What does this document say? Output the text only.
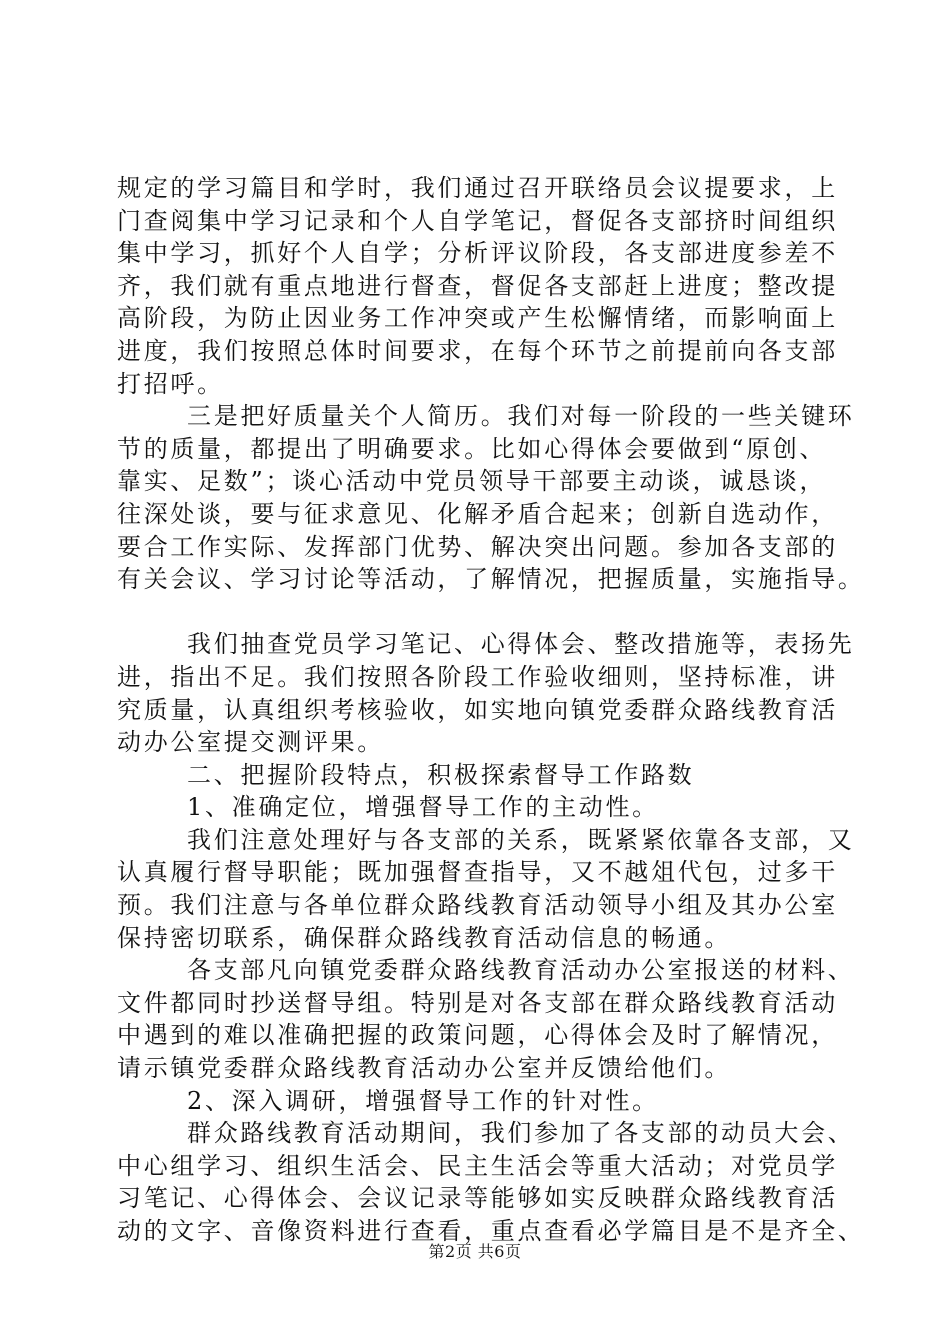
规定的学习篇目和学时，我们通过召开联络员会议提要求，上
门查阅集中学习记录和个人自学笔记，督促各支部挤时间组织
集中学习，抓好个人自学；分析评议阶段，各支部进度参差不
齐，我们就有重点地进行督查，督促各支部赶上进度；整改提
高阶段，为防止因业务工作冲突或产生松懈情绪，而影响面上
进度，我们按照总体时间要求，在每个环节之前提前向各支部
打招呼。
三是把好质量关个人简历。我们对每一阶段的一些关键环
节的质量，都提出了明确要求。比如心得体会要做到“原创、
靠实、足数”；谈心活动中党员领导干部要主动谈，诚恳谈，
往深处谈，要与征求意见、化解矛盾合起来；创新自选动作，
要合工作实际、发挥部门优势、解决突出问题。参加各支部的
有关会议、学习讨论等活动，了解情况，把握质量，实施指导。
我们抽查党员学习笔记、心得体会、整改措施等，表扬先
进，指出不足。我们按照各阶段工作验收细则，坚持标准，讲
究质量，认真组织考核验收，如实地向镇党委群众路线教育活
动办公室提交测评果。
二、把握阶段特点，积极探索督导工作路数
1、准确定位，增强督导工作的主动性。
我们注意处理好与各支部的关系，既紧紧依靠各支部，又
认真履行督导职能；既加强督查指导，又不越俎代包，过多干
预。我们注意与各单位群众路线教育活动领导小组及其办公室
保持密切联系，确保群众路线教育活动信息的畅通。
各支部凡向镇党委群众路线教育活动办公室报送的材料、
文件都同时抄送督导组。特别是对各支部在群众路线教育活动
中遇到的难以准确把握的政策问题，心得体会及时了解情况，
请示镇党委群众路线教育活动办公室并反馈给他们。
2、深入调研，增强督导工作的针对性。
群众路线教育活动期间，我们参加了各支部的动员大会、
中心组学习、组织生活会、民主生活会等重大活动；对党员学
习笔记、心得体会、会议记录等能够如实反映群众路线教育活
动的文字、音像资料进行查看，重点查看必学篇目是不是齐全、
第2页 共6页
